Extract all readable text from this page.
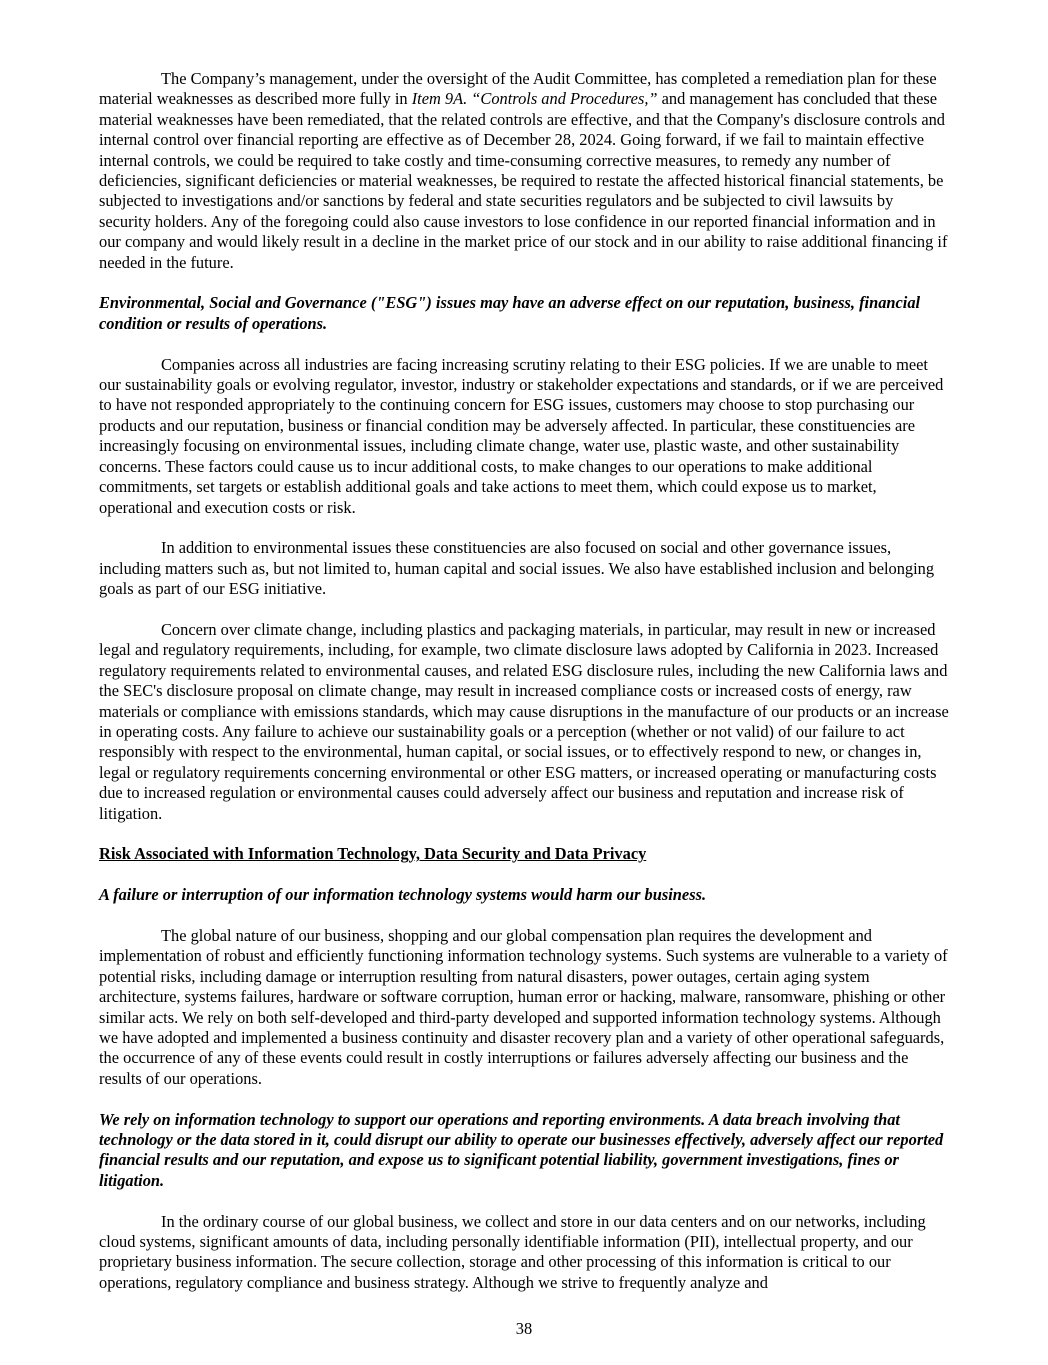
The Company’s management, under the oversight of the Audit Committee, has completed a remediation plan for these material weaknesses as described more fully in Item 9A. “Controls and Procedures,” and management has concluded that these material weaknesses have been remediated, that the related controls are effective, and that the Company's disclosure controls and internal control over financial reporting are effective as of December 28, 2024. Going forward, if we fail to maintain effective internal controls, we could be required to take costly and time-consuming corrective measures, to remedy any number of deficiencies, significant deficiencies or material weaknesses, be required to restate the affected historical financial statements, be subjected to investigations and/or sanctions by federal and state securities regulators and be subjected to civil lawsuits by security holders. Any of the foregoing could also cause investors to lose confidence in our reported financial information and in our company and would likely result in a decline in the market price of our stock and in our ability to raise additional financing if needed in the future.

Environmental, Social and Governance ("ESG") issues may have an adverse effect on our reputation, business, financial condition or results of operations.

Companies across all industries are facing increasing scrutiny relating to their ESG policies. If we are unable to meet our sustainability goals or evolving regulator, investor, industry or stakeholder expectations and standards, or if we are perceived to have not responded appropriately to the continuing concern for ESG issues, customers may choose to stop purchasing our products and our reputation, business or financial condition may be adversely affected. In particular, these constituencies are increasingly focusing on environmental issues, including climate change, water use, plastic waste, and other sustainability concerns. These factors could cause us to incur additional costs, to make changes to our operations to make additional commitments, set targets or establish additional goals and take actions to meet them, which could expose us to market, operational and execution costs or risk.

In addition to environmental issues these constituencies are also focused on social and other governance issues, including matters such as, but not limited to, human capital and social issues. We also have established inclusion and belonging goals as part of our ESG initiative.

Concern over climate change, including plastics and packaging materials, in particular, may result in new or increased legal and regulatory requirements, including, for example, two climate disclosure laws adopted by California in 2023. Increased regulatory requirements related to environmental causes, and related ESG disclosure rules, including the new California laws and the SEC's disclosure proposal on climate change, may result in increased compliance costs or increased costs of energy, raw materials or compliance with emissions standards, which may cause disruptions in the manufacture of our products or an increase in operating costs. Any failure to achieve our sustainability goals or a perception (whether or not valid) of our failure to act responsibly with respect to the environmental, human capital, or social issues, or to effectively respond to new, or changes in, legal or regulatory requirements concerning environmental or other ESG matters, or increased operating or manufacturing costs due to increased regulation or environmental causes could adversely affect our business and reputation and increase risk of litigation.

Risk Associated with Information Technology, Data Security and Data Privacy
A failure or interruption of our information technology systems would harm our business.

The global nature of our business, shopping and our global compensation plan requires the development and implementation of robust and efficiently functioning information technology systems. Such systems are vulnerable to a variety of potential risks, including damage or interruption resulting from natural disasters, power outages, certain aging system architecture, systems failures, hardware or software corruption, human error or hacking, malware, ransomware, phishing or other similar acts. We rely on both self-developed and third-party developed and supported information technology systems. Although we have adopted and implemented a business continuity and disaster recovery plan and a variety of other operational safeguards, the occurrence of any of these events could result in costly interruptions or failures adversely affecting our business and the results of our operations.

We rely on information technology to support our operations and reporting environments. A data breach involving that technology or the data stored in it, could disrupt our ability to operate our businesses effectively, adversely affect our reported financial results and our reputation, and expose us to significant potential liability, government investigations, fines or litigation.

In the ordinary course of our global business, we collect and store in our data centers and on our networks, including cloud systems, significant amounts of data, including personally identifiable information (PII), intellectual property, and our proprietary business information. The secure collection, storage and other processing of this information is critical to our operations, regulatory compliance and business strategy. Although we strive to frequently analyze and

38
